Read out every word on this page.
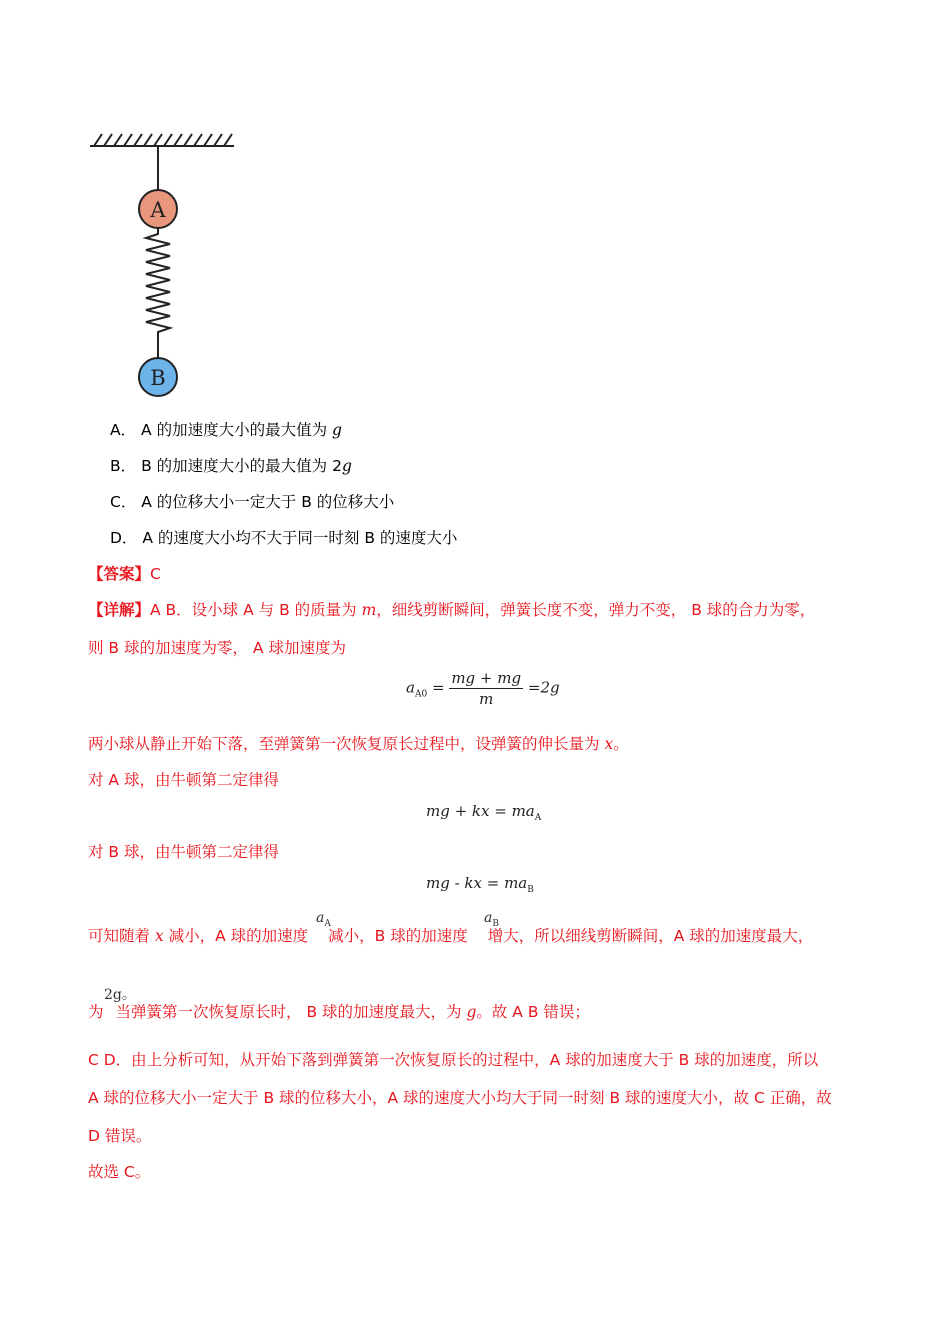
A
B
A． A 的加速度大小的最大值为 g
B． B 的加速度大小的最大值为 2g
C． A 的位移大小一定大于 B 的位移大小
D． A 的速度大小均不大于同一时刻 B 的速度大小
【答案】C
【详解】A B．设小球 A 与 B 的质量为 m，细线剪断瞬间，弹簧长度不变，弹力不变， B 球的合力为零，
则 B 球的加速度为零， A 球加速度为
$a_{A0} = \frac{mg + mg}{m} =2g$
两小球从静止开始下落，至弹簧第一次恢复原长过程中，设弹簧的伸长量为 x。
对 A 球，由牛顿第二定律得
mg + kx = $ma_A$
对 B 球，由牛顿第二定律得
mg - kx = $ma_B$
$a_A$	$a_B$
可知随着 x 减小，A 球的加速度 减小，B 球的加速度 增大，所以细线剪断瞬间，A 球的加速度最大，
2g。
为 当弹簧第一次恢复原长时， B 球的加速度最大，为 g。故 A B 错误；
C D．由上分析可知，从开始下落到弹簧第一次恢复原长的过程中，A 球的加速度大于 B 球的加速度，所以
A 球的位移大小一定大于 B 球的位移大小，A 球的速度大小均大于同一时刻 B 球的速度大小，故 C 正确，故
D 错误。
故选 C。
